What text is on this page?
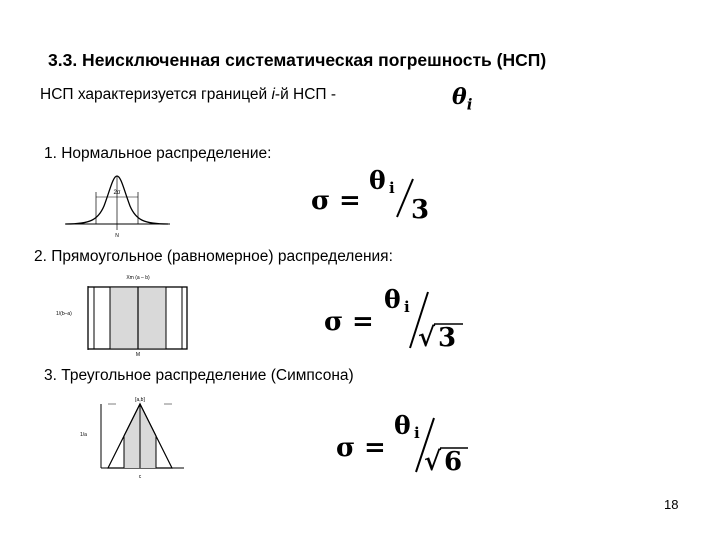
3.3. Неисключенная систематическая погрешность (НСП)
НСП характеризуется границей i-й НСП -	$\theta_i$
1. Нормальное распределение:
2σ
N
σ =
θ i
3
2. Прямоугольное (равномерное) распределения:
Xm (a – b)
1/(b–a)
M
σ =
θ i
√ 3
3. Треугольное распределение (Симпсона)
[a,b]
1/a
c
σ =
θ i
√ 6
18
